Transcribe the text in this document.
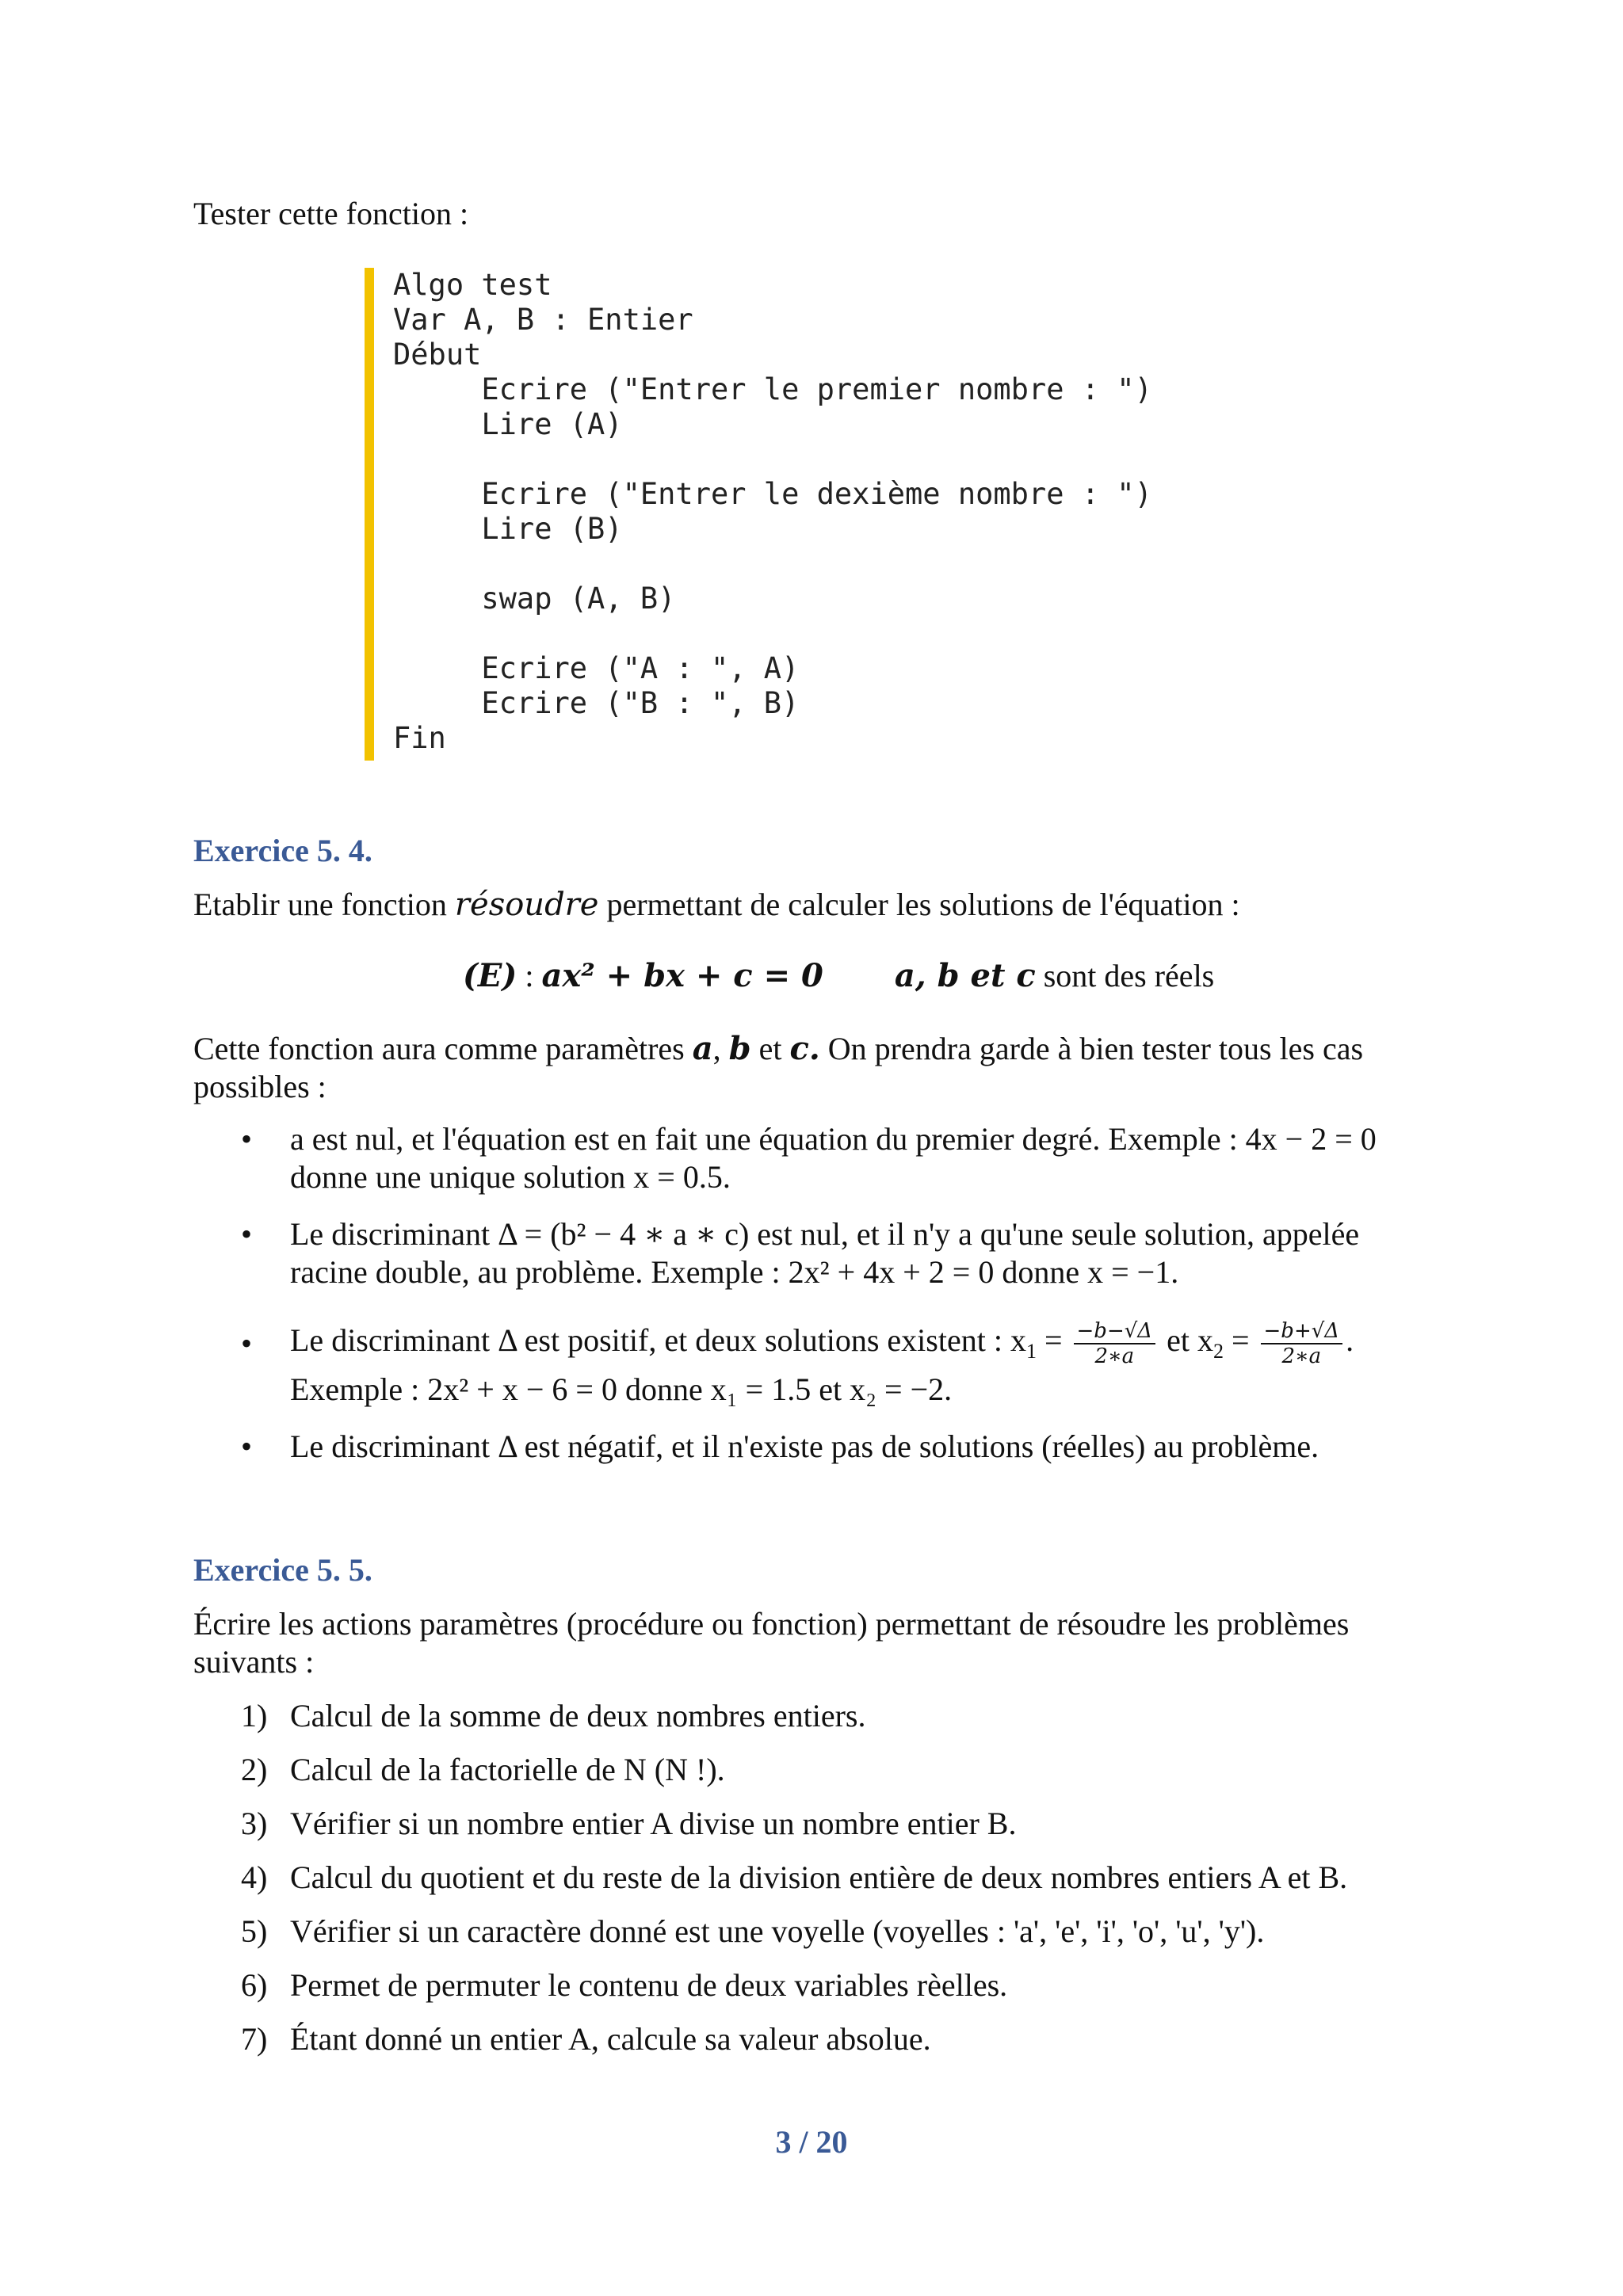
Tester cette fonction :
Algo test
Var A, B : Entier
Début
Ecrire ("Entrer le premier nombre : ")
Lire (A)
Ecrire ("Entrer le dexième nombre : ")
Lire (B)
swap (A, B)
Ecrire ("A : ", A)
Ecrire ("B : ", B)
Fin
Exercice 5. 4.
Etablir une fonction résoudre permettant de calculer les solutions de l'équation :
(E) : ax² + bx + c = 0 a, b et c sont des réels
Cette fonction aura comme paramètres a, b et c. On prendra garde à bien tester tous les cas
possibles :
• a est nul, et l'équation est en fait une équation du premier degré. Exemple : 4x − 2 = 0
donne une unique solution x = 0.5.
• Le discriminant Δ = (b² − 4 ∗ a ∗ c) est nul, et il n'y a qu'une seule solution, appelée
racine double, au problème. Exemple : 2x² + 4x + 2 = 0 donne x = −1.
• Le discriminant Δ est positif, et deux solutions existent : $x_1 = \frac{-b-√\Delta}{2∗a}$ et $x_2 = \frac{-b+√\Delta}{2∗a}$ .
Exemple : 2x² + x − 6 = 0 donne x₁ = 1.5 et x₂ = −2.
• Le discriminant Δ est négatif, et il n'existe pas de solutions (réelles) au problème.
Exercice 5. 5.
Écrire les actions paramètres (procédure ou fonction) permettant de résoudre les problèmes
suivants :
1) Calcul de la somme de deux nombres entiers.
2) Calcul de la factorielle de N (N !).
3) Vérifier si un nombre entier A divise un nombre entier B.
4) Calcul du quotient et du reste de la division entière de deux nombres entiers A et B.
5) Vérifier si un caractère donné est une voyelle (voyelles : 'a', 'e', 'i', 'o', 'u', 'y').
6) Permet de permuter le contenu de deux variables rèelles.
7) Étant donné un entier A, calcule sa valeur absolue.
3 / 20
